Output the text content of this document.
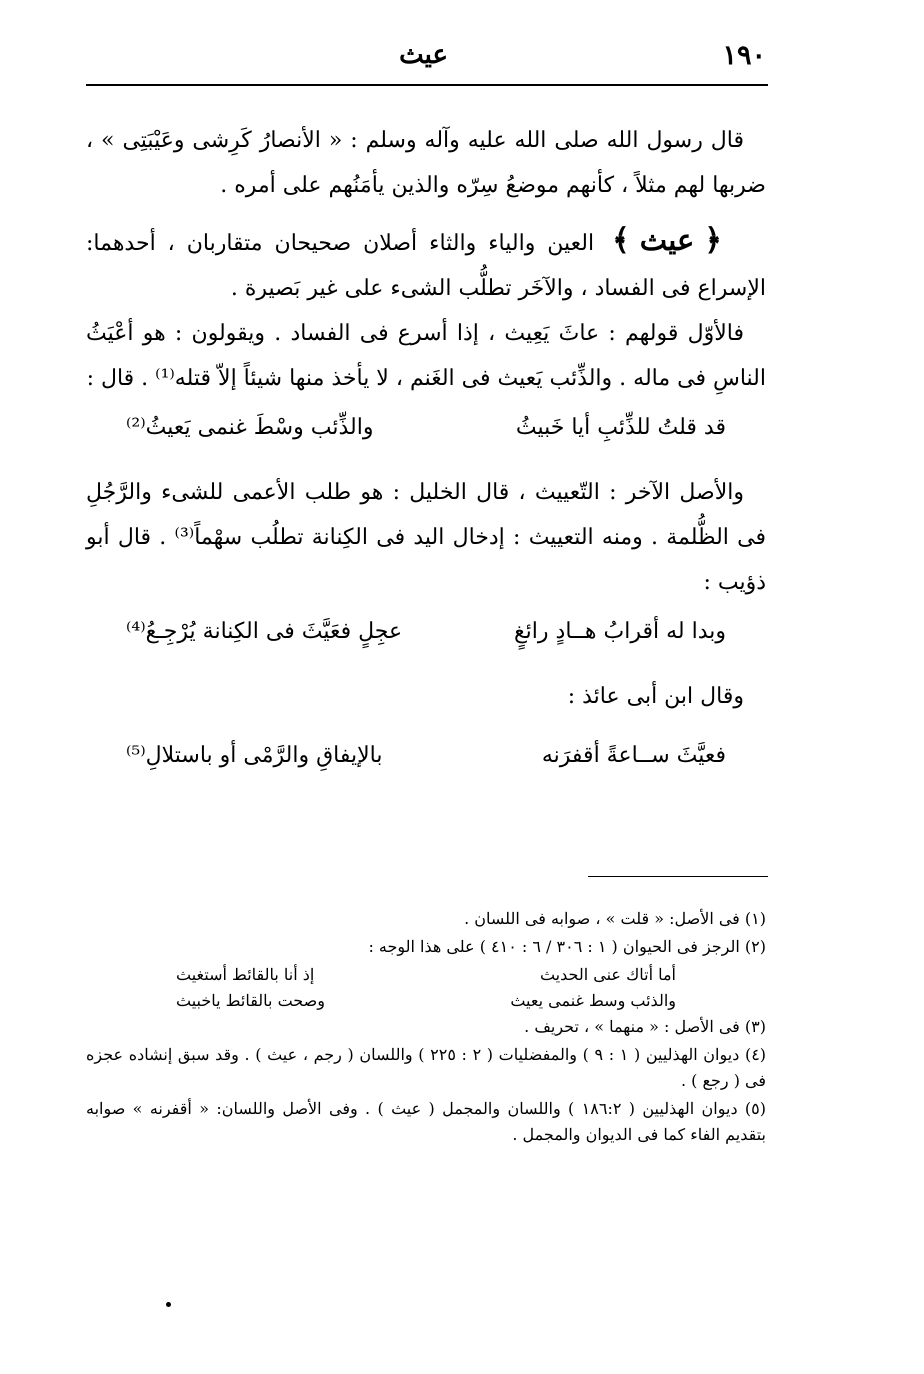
١٩٠
عيث

قال رسول الله صلى الله عليه وآله وسلم : « الأنصارُ كَرِشى وعَيْبَتِى » ، ضربها لهم مثلاً ، كأنهم موضعُ سِرّه والذين يأمَنُهم على أمره .

﴿ عيث ﴾ العين والياء والثاء أصلان صحيحان متقاربان ، أحدهما: الإسراع فى الفساد ، والآخَر تطلُّب الشىء على غير بَصيرة .

فالأوّل قولهم : عاثَ يَعِيث ، إذا أسرع فى الفساد . ويقولون : هو أعْيَثُ الناسِ فى ماله . والذِّئب يَعيث فى الغَنم ، لا يأخذ منها شيئاً إلاّ قتله⁽¹⁾ . قال :

قد قلتُ للذِّئبِ أيا خَبيثُ
والذِّئب وسْطَ غنمى يَعيثُ⁽²⁾

والأصل الآخر : التّعييث ، قال الخليل : هو طلب الأعمى للشىء والرَّجُلِ فى الظُّلمة . ومنه التعييث : إدخال اليد فى الكِنانة تطلُب سهْماً⁽³⁾ . قال أبو ذؤيب :

وبدا له أقرابُ هــادٍ رائغٍ
عجِلٍ فعَيَّثَ فى الكِنانة يُرْجِـعُ⁽⁴⁾

وقال ابن أبى عائذ :

فعيَّثَ ســاعةً أقفرَنه
بالإيفاقِ والرَّمْى أو باستلالِ⁽⁵⁾

(١) فى الأصل: « قلت » ، صوابه فى اللسان .

(٢) الرجز فى الحيوان ( ١ : ٣٠٦ / ٦ : ٤١٠ ) على هذا الوجه :

أما أتاك عنى الحديث
إذ أنا بالقائط أستغيث
والذئب وسط غنمى يعيث
وصحت بالقائط ياخبيث

(٣) فى الأصل : « منهما » ، تحريف .

(٤) ديوان الهذليين ( ١ : ٩ ) والمفضليات ( ٢ : ٢٢٥ ) واللسان ( رجم ، عيث ) . وقد سبق إنشاده عجزه فى ( رجع ) .

(٥) ديوان الهذليين ( ١٨٦:٢ ) واللسان والمجمل ( عيث ) . وفى الأصل واللسان: « أقفرنه » صوابه بتقديم الفاء كما فى الديوان والمجمل .
